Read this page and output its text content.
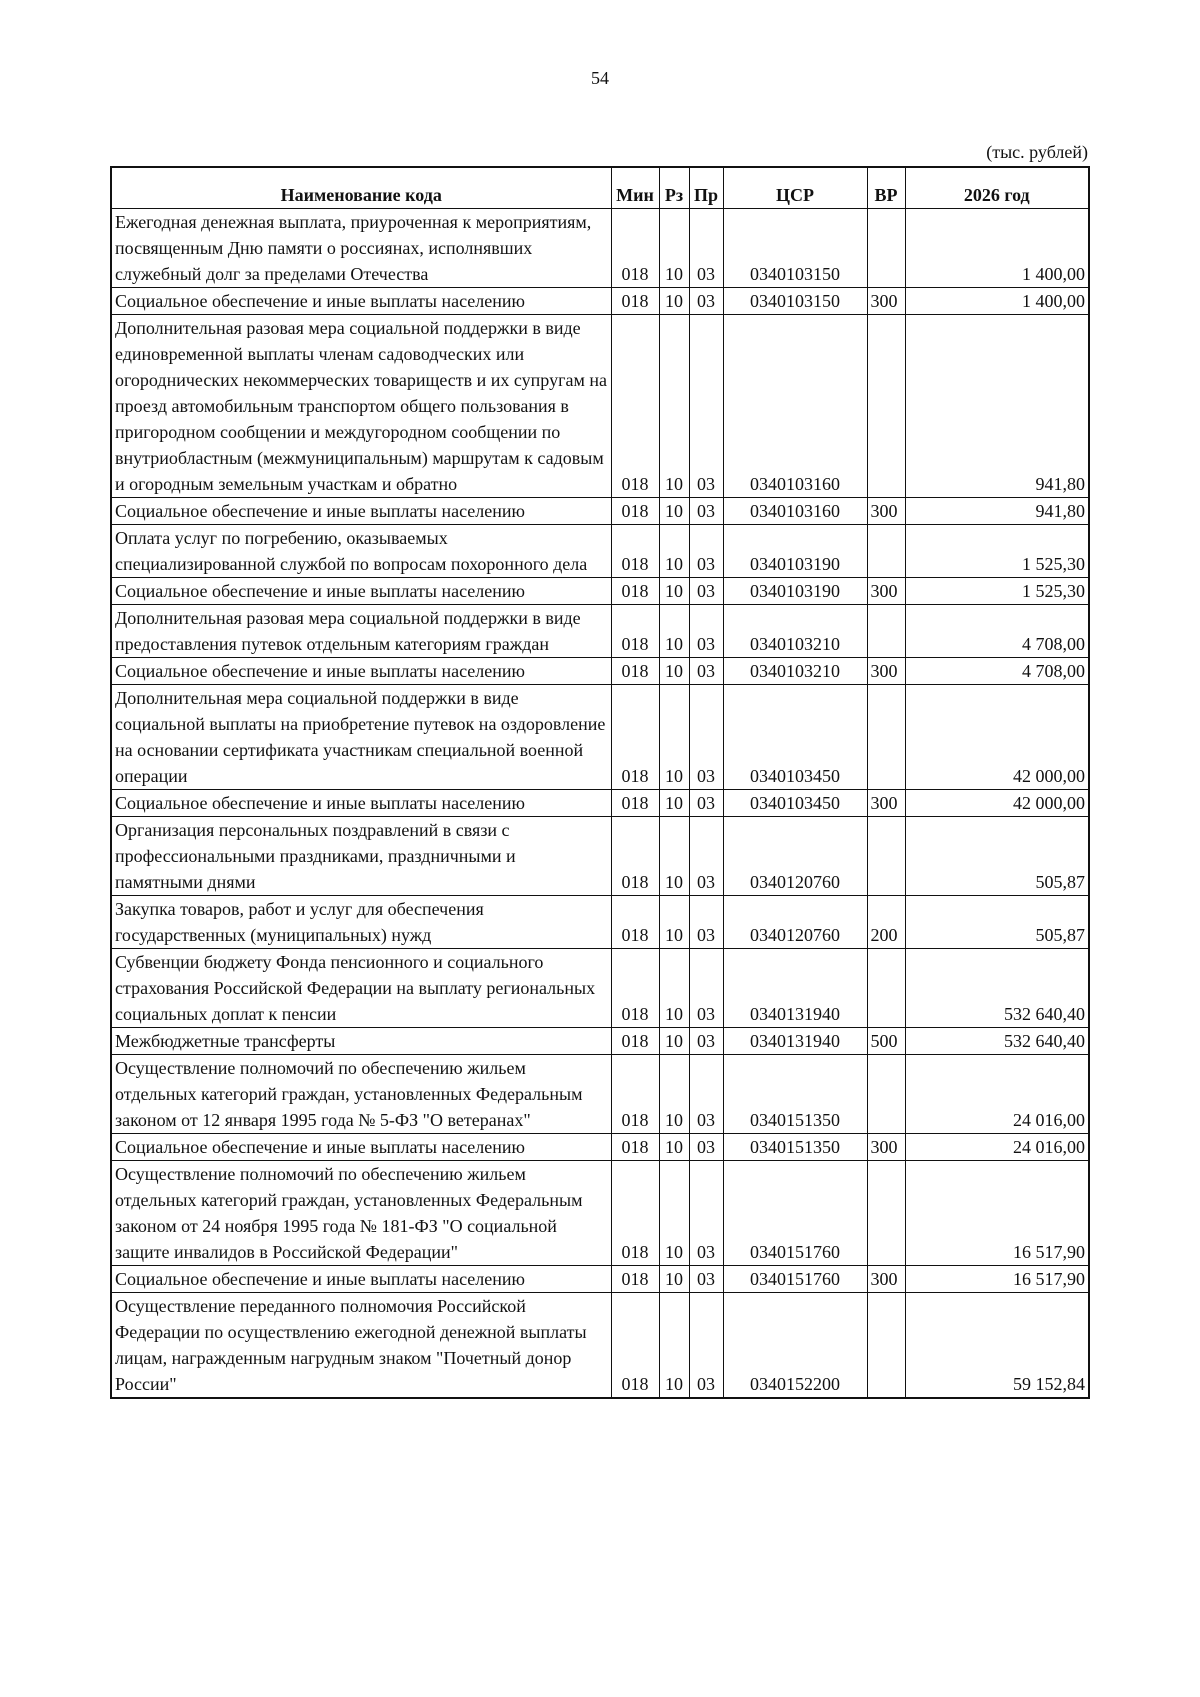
54
(тыс. рублей)
Наименование кода	Мин	Рз	Пр	ЦСР	ВР	2026 год
Ежегодная денежная выплата, приуроченная к мероприятиям, посвященным Дню памяти о россиянах, исполнявших служебный долг за пределами Отечества	018	10	03	0340103150		1 400,00
Социальное обеспечение и иные выплаты населению	018	10	03	0340103150	300	1 400,00
Дополнительная разовая мера социальной поддержки в виде единовременной выплаты членам садоводческих или огороднических некоммерческих товариществ и их супругам на проезд автомобильным транспортом общего пользования в пригородном сообщении и междугородном сообщении по внутриобластным (межмуниципальным) маршрутам к садовым и огородным земельным участкам и обратно	018	10	03	0340103160		941,80
Социальное обеспечение и иные выплаты населению	018	10	03	0340103160	300	941,80
Оплата услуг по погребению, оказываемых специализированной службой по вопросам похоронного дела	018	10	03	0340103190		1 525,30
Социальное обеспечение и иные выплаты населению	018	10	03	0340103190	300	1 525,30
Дополнительная разовая мера социальной поддержки в виде предоставления путевок отдельным категориям граждан	018	10	03	0340103210		4 708,00
Социальное обеспечение и иные выплаты населению	018	10	03	0340103210	300	4 708,00
Дополнительная мера социальной поддержки в виде социальной выплаты на приобретение путевок на оздоровление на основании сертификата участникам специальной военной операции	018	10	03	0340103450		42 000,00
Социальное обеспечение и иные выплаты населению	018	10	03	0340103450	300	42 000,00
Организация персональных поздравлений в связи с профессиональными праздниками, праздничными и памятными днями	018	10	03	0340120760		505,87
Закупка товаров, работ и услуг для обеспечения государственных (муниципальных) нужд	018	10	03	0340120760	200	505,87
Субвенции бюджету Фонда пенсионного и социального страхования Российской Федерации на выплату региональных социальных доплат к пенсии	018	10	03	0340131940		532 640,40
Межбюджетные трансферты	018	10	03	0340131940	500	532 640,40
Осуществление полномочий по обеспечению жильем отдельных категорий граждан, установленных Федеральным законом от 12 января 1995 года № 5-ФЗ "О ветеранах"	018	10	03	0340151350		24 016,00
Социальное обеспечение и иные выплаты населению	018	10	03	0340151350	300	24 016,00
Осуществление полномочий по обеспечению жильем отдельных категорий граждан, установленных Федеральным законом от 24 ноября 1995 года № 181-ФЗ "О социальной защите инвалидов в Российской Федерации"	018	10	03	0340151760		16 517,90
Социальное обеспечение и иные выплаты населению	018	10	03	0340151760	300	16 517,90
Осуществление переданного полномочия Российской Федерации по осуществлению ежегодной денежной выплаты лицам, награжденным нагрудным знаком "Почетный донор России"	018	10	03	0340152200		59 152,84
